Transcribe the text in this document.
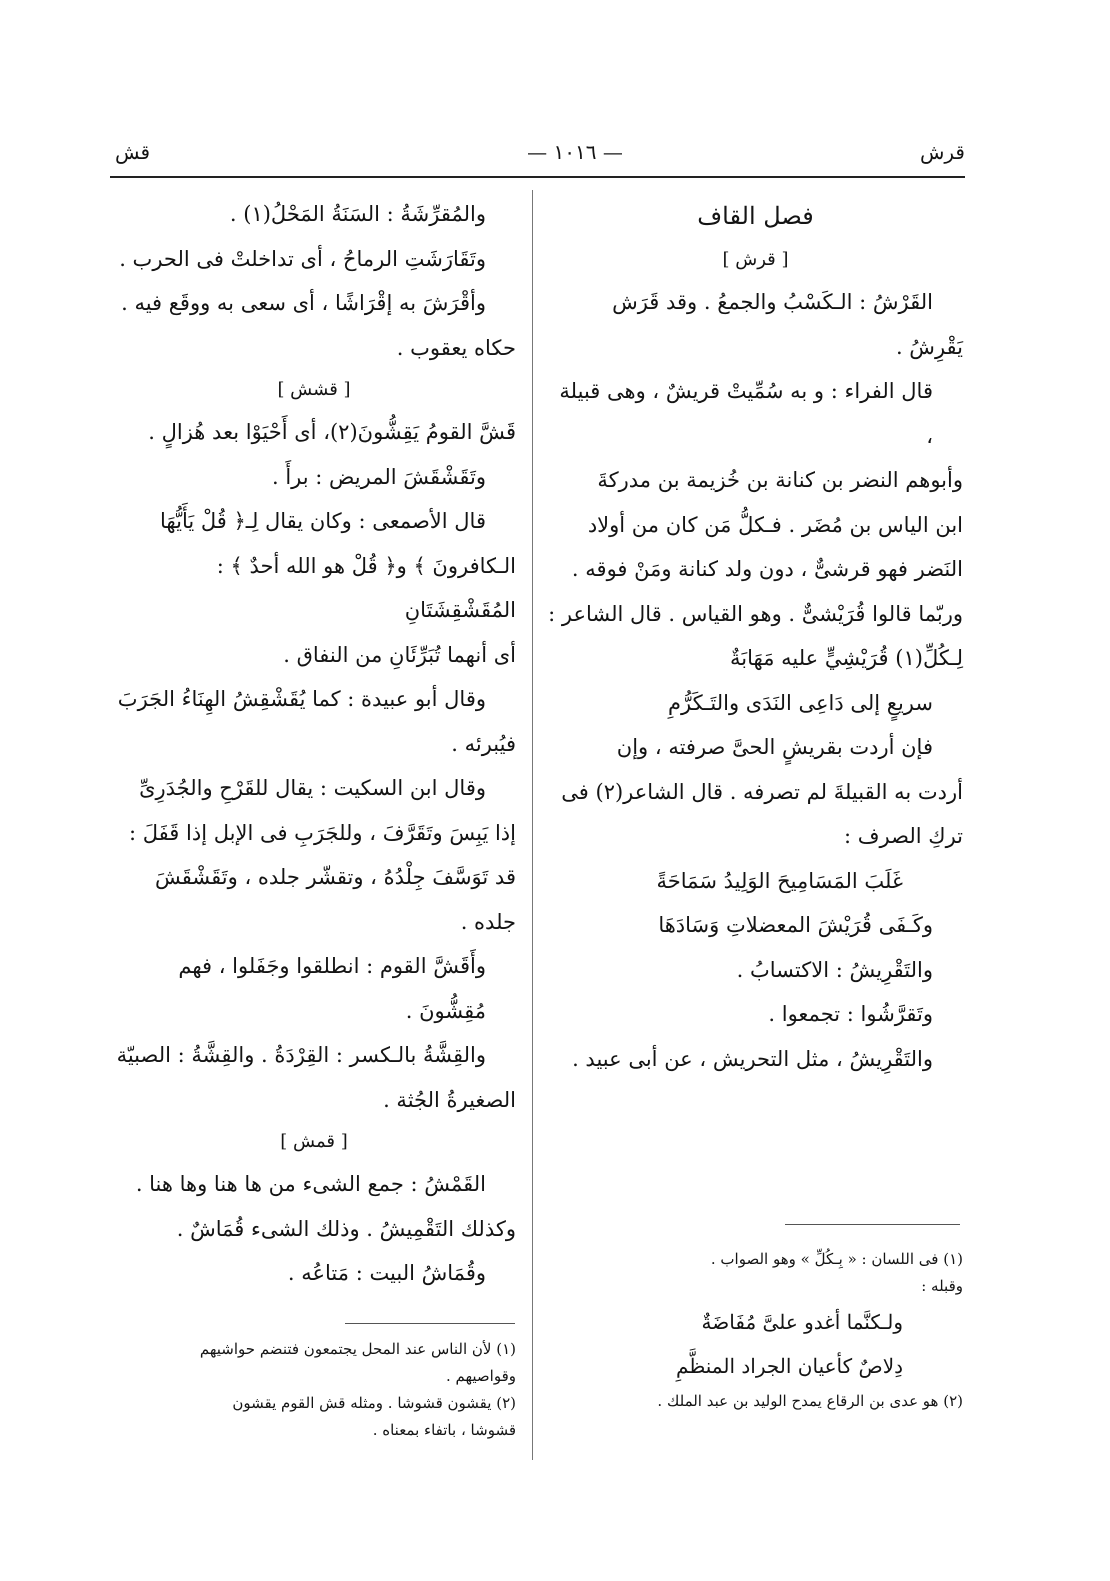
قش	— ١٠١٦ —	قرش
فصل القاف
[ قرش ]

القَرْشُ : الـكَسْبُ والجمعُ . وقد قَرَش

يَقْرِشُ .

قال الفراء : و به سُمِّيتْ قريشٌ ، وهى قبيلة ،

وأبوهم النضر بن كنانة بن خُزيمة بن مدركةَ

ابن الياس بن مُضَر . فـكلُّ مَن كان من أولاد

النَضر فهو قرشىٌّ ، دون ولد كنانة ومَنْ فوقه .

وربّما قالوا قُرَيْشىٌّ . وهو القياس . قال الشاعر :

لِـكُلِّ(١) قُرَيْشِيٍّ عليه مَهَابَةٌ

سريعٍ إلى دَاعِى النَدَى والتَـكَرُّمِ

فإن أردت بقريشٍ الحىَّ صرفته ، وإن

أردت به القبيلةَ لم تصرفه . قال الشاعر(٢) فى

تركِ الصرف :

غَلَبَ المَسَامِيحَ الوَلِيدُ سَمَاحَةً

وكَـفَى قُرَيْشَ المعضلاتِ وَسَادَهَا

والتَقْرِيشُ : الاكتسابُ .

وتَقرَّشُوا : تجمعوا .

والتَقْرِيشُ ، مثل التحريش ، عن أبى عبيد .

(١) فى اللسان : « بِـكُلِّ » وهو الصواب .

وقبله :

ولـكنَّما أغدو علىَّ مُفَاضَةٌ

دِلاصٌ كأعيان الجراد المنظَّمِ

(٢) هو عدى بن الرقاع يمدح الوليد بن عبد الملك .

والمُقرِّشَةُ : السَنَةُ المَحْلُ(١) .

وتَقَارَشَتِ الرماحُ ، أى تداخلتْ فى الحرب .

وأقْرَشَ به إقْرَاشًا ، أى سعى به ووقَع فيه .

حكاه يعقوب .

[ قشش ]

قَشَّ القومُ يَقِشُّونَ(٢)، أى أَحْيَوْا بعد هُزالٍ .

وتَقَشْقَشَ المريض : برأَ .

قال الأصمعى : وكان يقال لِـ﴿ قُلْ يَأَيُّهَا

الـكافرونَ ﴾ و﴿ قُلْ هو الله أحدٌ ﴾ : المُقَشْقِشَتَانِ

أى أنهما تُبَرِّئَانِ من النفاق .

وقال أبو عبيدة : كما يُقَشْقِشُ الهِنَاءُ الجَرَبَ

فيُبرئه .

وقال ابن السكيت : يقال للقَرْحِ والجُدَرِىِّ

إذا يَبِسَ وتَقَرَّفَ ، وللجَرَبِ فى الإبل إذا قَفَلَ :

قد تَوَسَّفَ جِلْدُهُ ، وتقشّر جلده ، وتَقَشْقَشَ جلده .

وأَقَشَّ القوم : انطلقوا وجَفَلوا ، فهم مُقِشُّونَ .

والقِشَّةُ بالـكسر : القِرْدَةُ . والقِشَّةُ : الصبيّة

الصغيرةُ الجُثة .

[ قمش ]

القَمْشُ : جمع الشىء من ها هنا وها هنا .

وكذلك التَقْمِيشُ . وذلك الشىء قُمَاشٌ .

وقُمَاشُ البيت : مَتاعُه .

(١) لأن الناس عند المحل يجتمعون فتنضم حواشيهم

وقواصيهم .

(٢) يقشون قشوشا . ومثله قش القوم يقشون

قشوشا ، باتفاء بمعناه .
